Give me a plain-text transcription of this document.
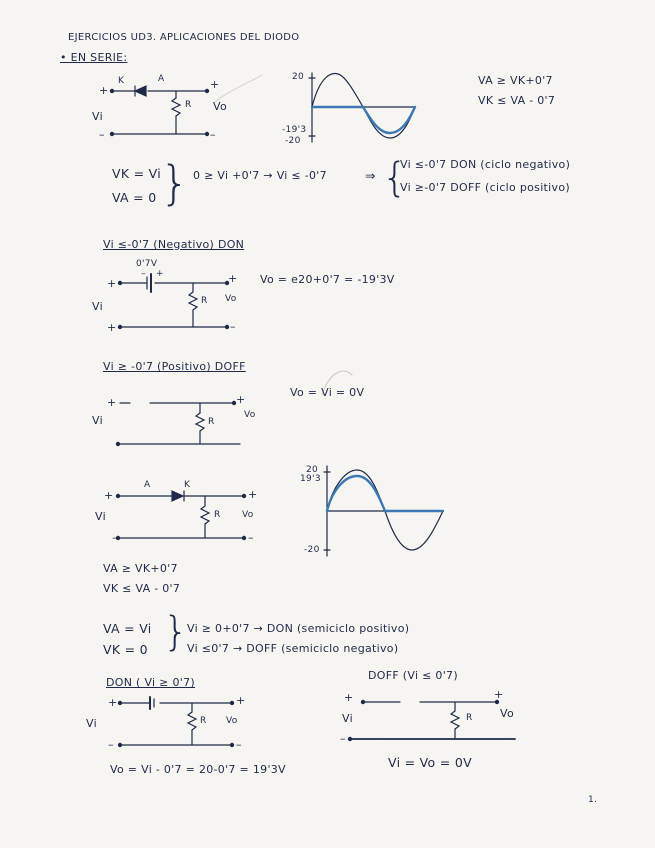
EJERCICIOS UD3. APLICACIONES DEL DIODO
• EN SERIE:
+
K	A	+
Vi
R Vo
–	–
20
-19'3
-20
VA ≥ VK+0'7
VK ≤ VA - 0'7
VK = Vi
VA = 0 } 0 ≥ Vi +0'7 → Vi ≤ -0'7	⇒ {
Vi ≤-0'7 DON (ciclo negativo)
Vi ≥-0'7 DOFF (ciclo positivo)
Vi ≤-0'7 (Negativo) DON
0'7V
+
– +	+
Vi	R Vo
+	–
Vo = e20+0'7 = -19'3V
Vi ≥ -0'7 (Positivo) DOFF
+	+
Vi	R
Vo
Vo = Vi = 0V
+
A	K
+
Vi	R Vo
–	–
20
19'3
-20
VA ≥ VK+0'7
VK ≤ VA - 0'7
VA = Vi
VK = 0 }
Vi ≥ 0+0'7 → DON (semiciclo positivo)
Vi ≤0'7 → DOFF (semiciclo negativo)
DON ( Vi ≥ 0'7)
+	+
Vi	R Vo
–	–
Vo = Vi - 0'7 = 20-0'7 = 19'3V
DOFF (Vi ≤ 0'7)
+	+
Vi	R Vo
–
Vi = Vo = 0V
1.
